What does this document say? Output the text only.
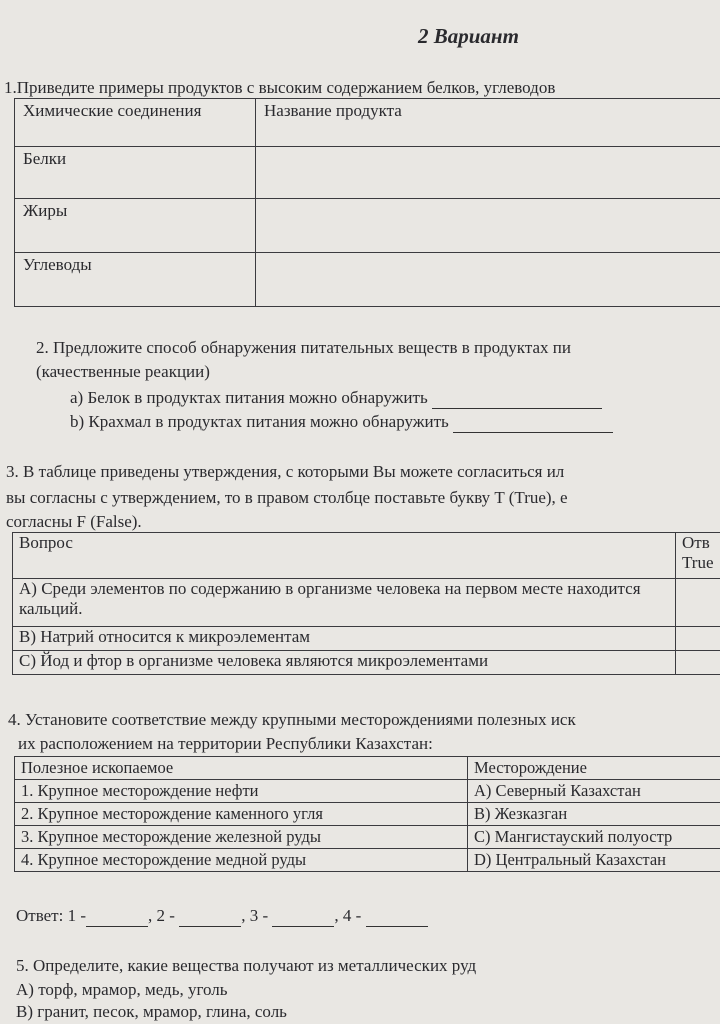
2 Вариант
1.Приведите примеры продуктов с высоким содержанием белков, углеводов
Химические соединения	Название продукта
Белки	
Жиры	
Углеводы	
2. Предложите способ обнаружения питательных веществ в продуктах пи
(качественные реакции)
a) Белок в продуктах питания можно обнаружить
b) Крахмал в продуктах питания можно обнаружить
3. В таблице приведены утверждения, с которыми Вы можете согласиться ил
вы согласны с утверждением, то в правом столбце поставьте букву T (True), е
согласны F (False).
Вопрос	Отв True
A) Среди элементов по содержанию в организме человека на первом месте находится кальций.	
B) Натрий относится к микроэлементам	
C) Йод и фтор в организме человека являются микроэлементами	
4. Установите соответствие между крупными месторождениями полезных иск
их расположением на территории Республики Казахстан:
Полезное ископаемое	Месторождение
1. Крупное месторождение нефти	A) Северный Казахстан
2. Крупное месторождение каменного угля	B) Жезказган
3. Крупное месторождение железной руды	C) Мангистауский полуостр
4. Крупное месторождение медной руды	D) Центральный Казахстан
Ответ: 1 -	, 2 -	, 3 -	, 4 -
5. Определите, какие вещества получают из металлических руд
A) торф, мрамор, медь, уголь
B) гранит, песок, мрамор, глина, соль
